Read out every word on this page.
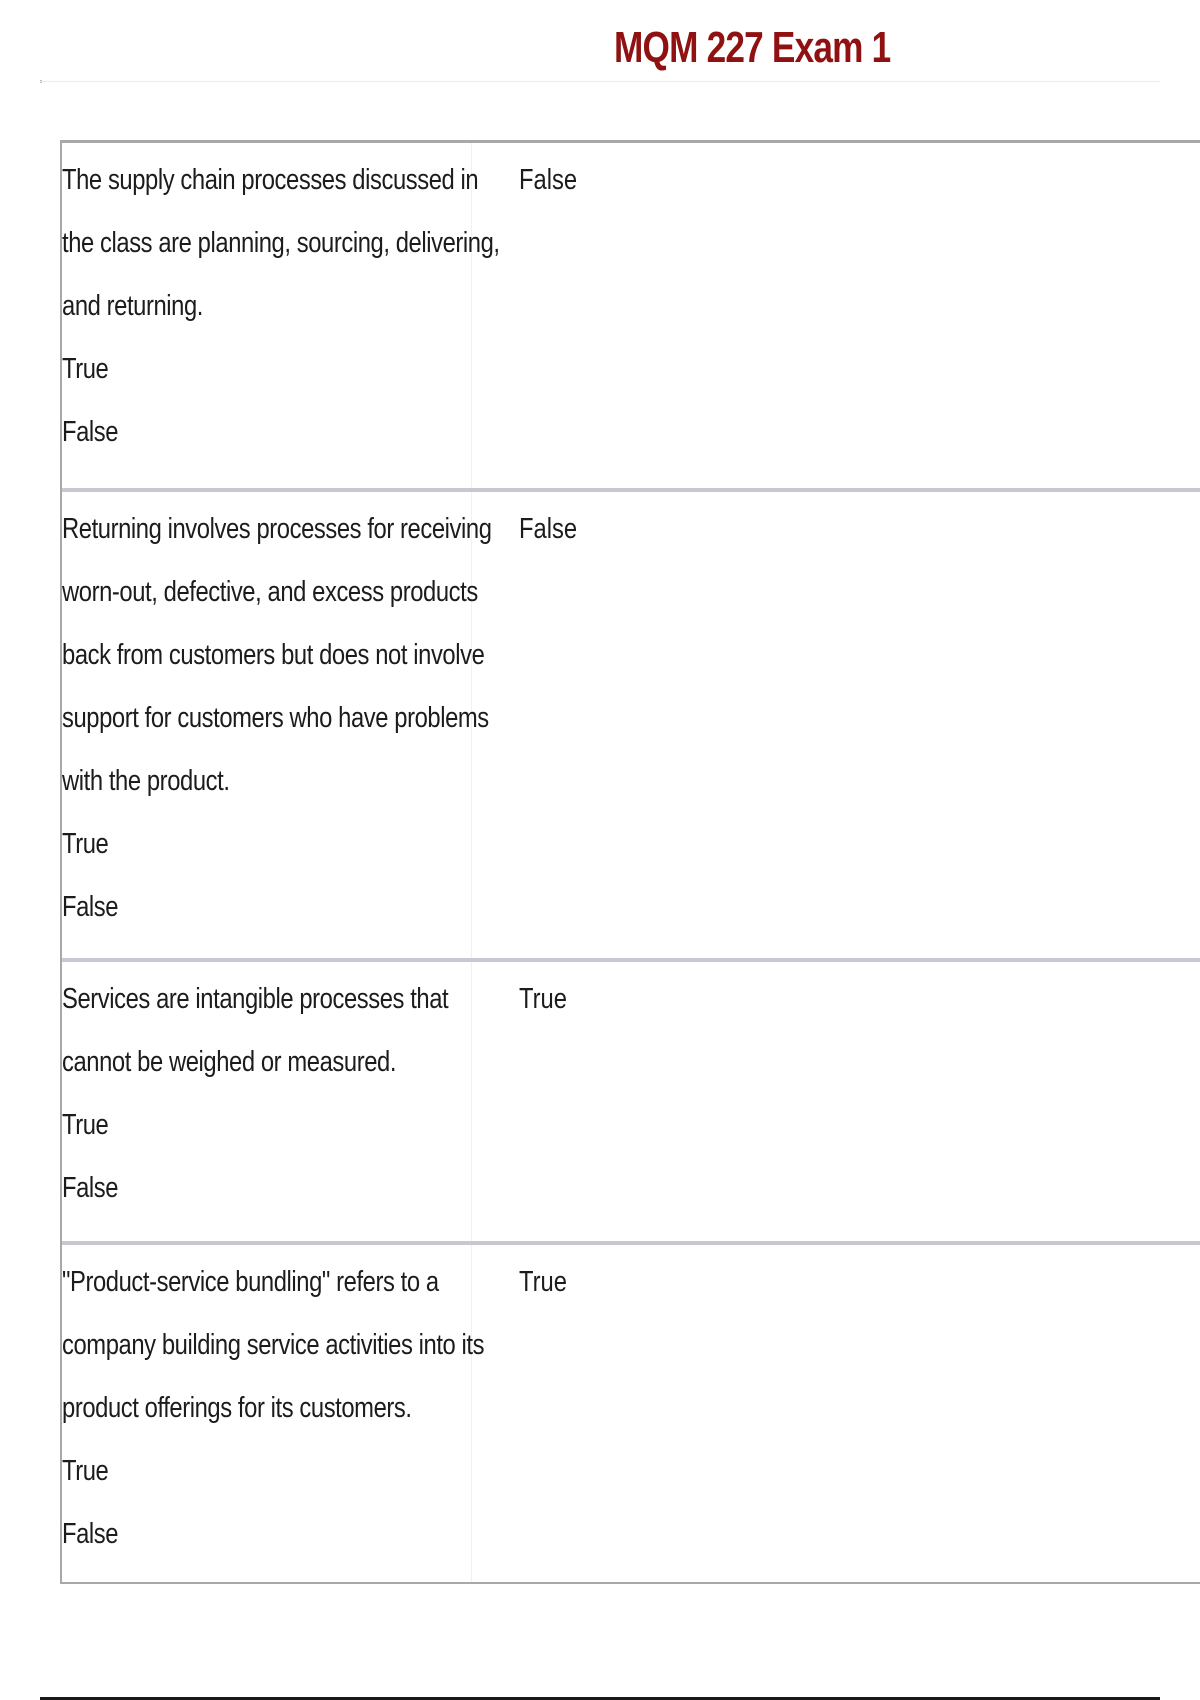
MQM 227 Exam 1
The supply chain processes discussed in
the class are planning, sourcing, delivering,
and returning.
True
False
False
Returning involves processes for receiving
worn-out, defective, and excess products
back from customers but does not involve
support for customers who have problems
with the product.
True
False
False
Services are intangible processes that
cannot be weighed or measured.
True
False
True
"Product-service bundling" refers to a
company building service activities into its
product offerings for its customers.
True
False
True
